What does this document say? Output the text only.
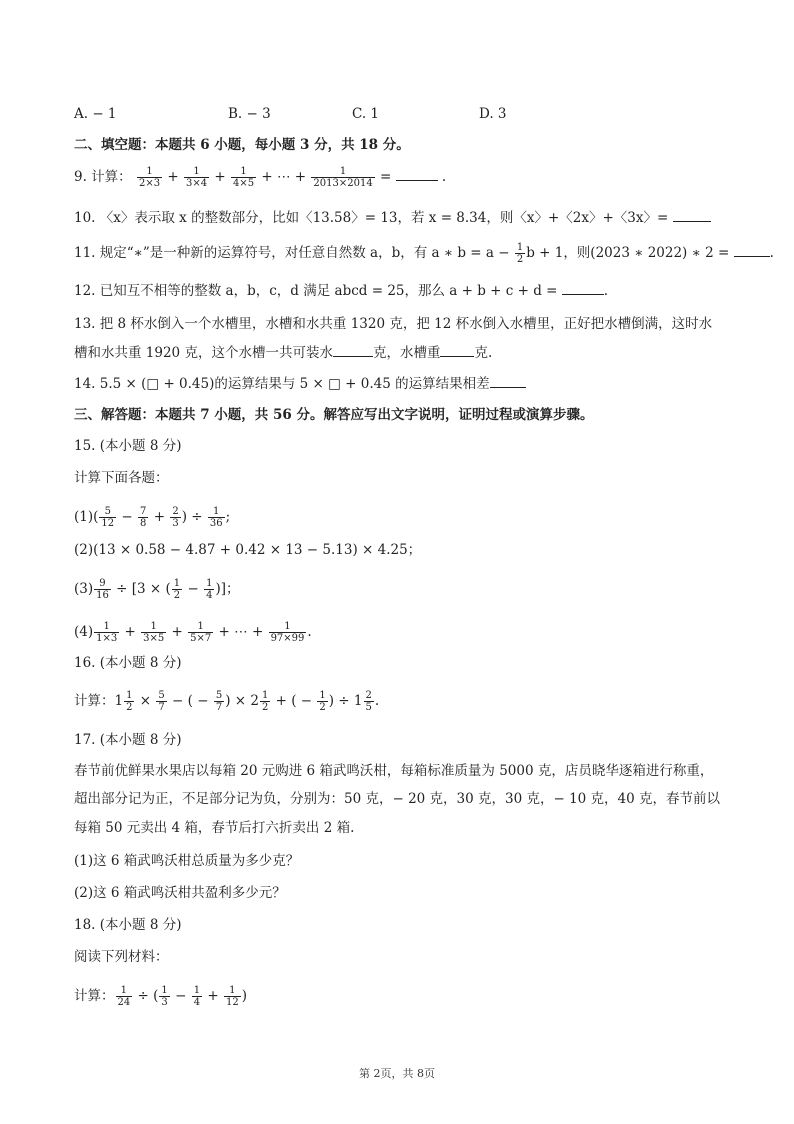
A. − 1	B. − 3	C. 1	D. 3
二、填空题：本题共 6 小题，每小题 3 分，共 18 分。
9. 计算： $\frac{1}{2\times 3} + \frac{1}{3\times 4} + \frac{1}{4\times 5}$ + ⋯ + $\frac{1}{2013\times 2014}$ =	.
10. 〈x〉表示取 x 的整数部分，比如〈13.58〉= 13，若 x = 8.34，则〈x〉+〈2x〉+〈3x〉=
11. 规定“∗”是一种新的运算符号，对任意自然数 a，b，有 a ∗ $b = a - \frac{1}{2}$ b + 1，则(2023 ∗ 2022) ∗ 2 =	.
12. 已知互不相等的整数 a，b，c，d 满足 abcd = 25，那么 a + b + c + d =	.
13. 把 8 杯水倒入一个水槽里，水槽和水共重 1320 克，把 12 杯水倒入水槽里，正好把水槽倒满，这时水
槽和水共重 1920 克，这个水槽一共可装水	克，水槽重	克.
14. 5.5 × (□ + 0.45)的运算结果与 5 × □ + 0.45 的运算结果相差
三、解答题：本题共 7 小题，共 56 分。解答应写出文字说明，证明过程或演算步骤。
15. (本小题 8 分)
计算下面各题：
$(1)( \frac{5}{12} - \frac{7}{8} + \frac{2}{3}$ ) ÷ $\frac{1}{36}$ ;
(2)(13 × 0.58 − 4.87 + 0.42 × 13 − 5.13) × 4.25；
$(3) \frac{9}{16} \div [3$ × ( $\frac{1}{2} - \frac{1}{4}$ )]；
$(4) \frac{1}{1\times 3} + \frac{1}{3\times 5} + \frac{1}{5\times 7}$ + ⋯ + $\frac{1}{97\times 99}$ .
16. (本小题 8 分)
计算：$1 \frac{1}{2} \times \frac{5}{7}$ − ( − $\frac{5}{7}$ ) × $2 \frac{1}{2}$ + ( − $\frac{1}{2}$ ) ÷ $1 \frac{2}{5}$ .
17. (本小题 8 分)
春节前优鲜果水果店以每箱 20 元购进 6 箱武鸣沃柑，每箱标准质量为 5000 克，店员晓华逐箱进行称重，
超出部分记为正，不足部分记为负，分别为：50 克，− 20 克，30 克，30 克，− 10 克，40 克，春节前以
每箱 50 元卖出 4 箱，春节后打六折卖出 2 箱.
(1)这 6 箱武鸣沃柑总质量为多少克？
(2)这 6 箱武鸣沃柑共盈利多少元？
18. (本小题 8 分)
阅读下列材料：
计算： $\frac{1}{24}$ ÷ ( $\frac{1}{3} - \frac{1}{4} + \frac{1}{12}$ )
第 2页，共 8页
